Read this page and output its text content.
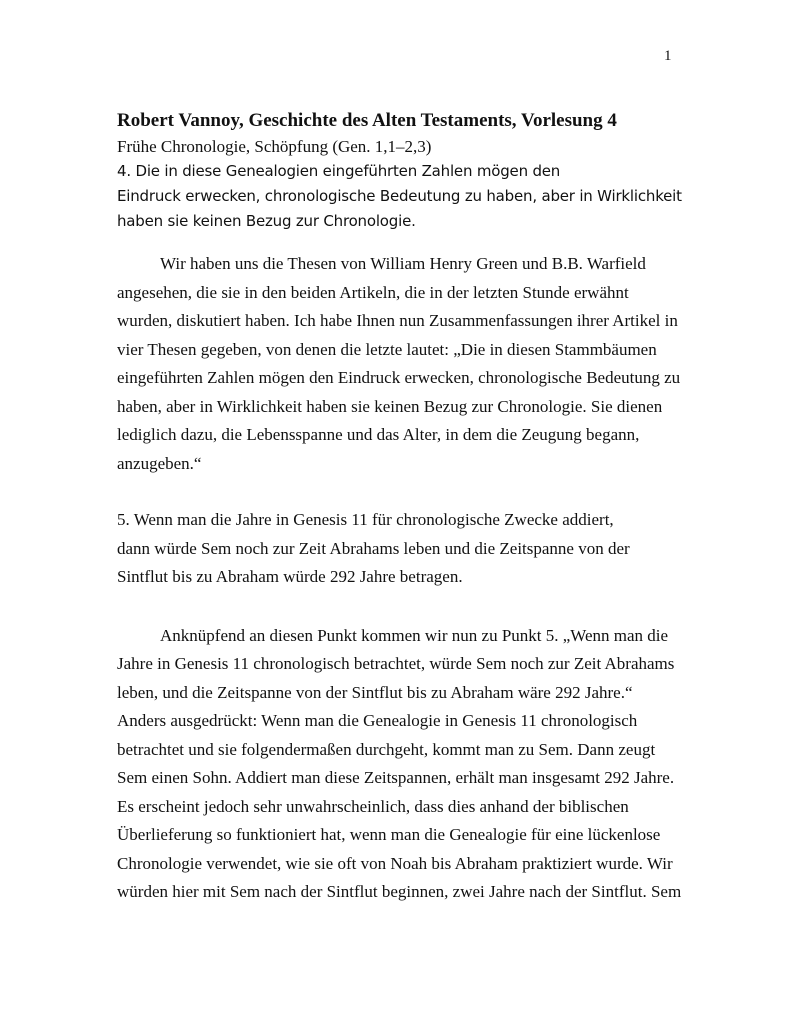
1

Robert Vannoy, Geschichte des Alten Testaments, Vorlesung 4

Frühe Chronologie, Schöpfung (Gen. 1,1–2,3)

4. Die in diese Genealogien eingeführten Zahlen mögen den
Eindruck erwecken, chronologische Bedeutung zu haben, aber in Wirklichkeit
haben sie keinen Bezug zur Chronologie.

Wir haben uns die Thesen von William Henry Green und B.B. Warfield
angesehen, die sie in den beiden Artikeln, die in der letzten Stunde erwähnt
wurden, diskutiert haben. Ich habe Ihnen nun Zusammenfassungen ihrer Artikel in
vier Thesen gegeben, von denen die letzte lautet: „Die in diesen Stammbäumen
eingeführten Zahlen mögen den Eindruck erwecken, chronologische Bedeutung zu
haben, aber in Wirklichkeit haben sie keinen Bezug zur Chronologie. Sie dienen
lediglich dazu, die Lebensspanne und das Alter, in dem die Zeugung begann,
anzugeben.“

5. Wenn man die Jahre in Genesis 11 für chronologische Zwecke addiert,
dann würde Sem noch zur Zeit Abrahams leben und die Zeitspanne von der
Sintflut bis zu Abraham würde 292 Jahre betragen.

Anknüpfend an diesen Punkt kommen wir nun zu Punkt 5. „Wenn man die
Jahre in Genesis 11 chronologisch betrachtet, würde Sem noch zur Zeit Abrahams
leben, und die Zeitspanne von der Sintflut bis zu Abraham wäre 292 Jahre.“
Anders ausgedrückt: Wenn man die Genealogie in Genesis 11 chronologisch
betrachtet und sie folgendermaßen durchgeht, kommt man zu Sem. Dann zeugt
Sem einen Sohn. Addiert man diese Zeitspannen, erhält man insgesamt 292 Jahre.
Es erscheint jedoch sehr unwahrscheinlich, dass dies anhand der biblischen
Überlieferung so funktioniert hat, wenn man die Genealogie für eine lückenlose
Chronologie verwendet, wie sie oft von Noah bis Abraham praktiziert wurde. Wir
würden hier mit Sem nach der Sintflut beginnen, zwei Jahre nach der Sintflut. Sem
